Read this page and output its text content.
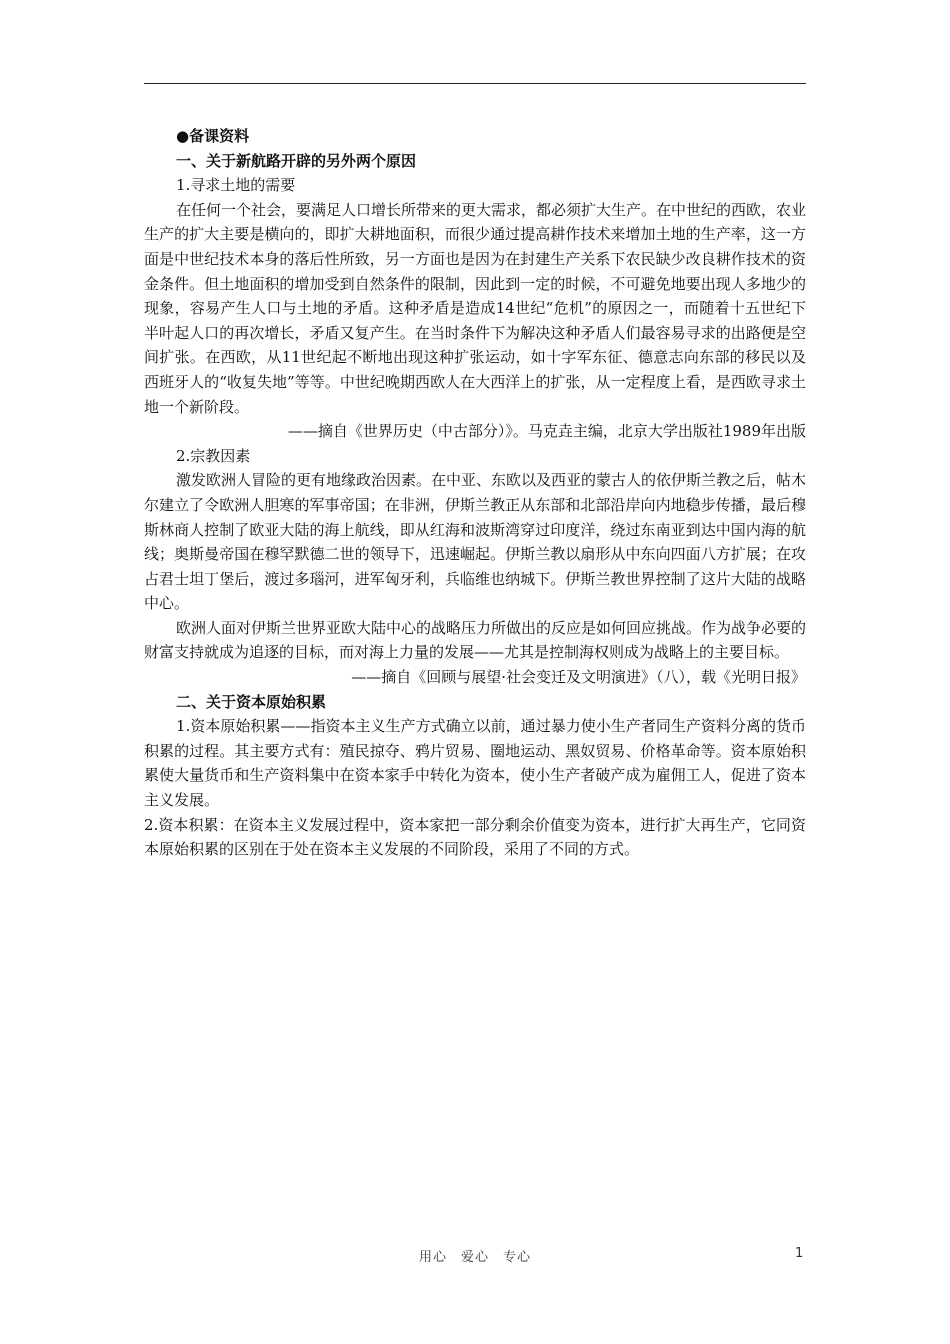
●备课资料

一、关于新航路开辟的另外两个原因

1.寻求土地的需要

在任何一个社会，要满足人口增长所带来的更大需求，都必须扩大生产。在中世纪的西欧，农业生产的扩大主要是横向的，即扩大耕地面积，而很少通过提高耕作技术来增加土地的生产率，这一方面是中世纪技术本身的落后性所致，另一方面也是因为在封建生产关系下农民缺少改良耕作技术的资金条件。但土地面积的增加受到自然条件的限制，因此到一定的时候，不可避免地要出现人多地少的现象，容易产生人口与土地的矛盾。这种矛盾是造成14世纪“危机”的原因之一，而随着十五世纪下半叶起人口的再次增长，矛盾又复产生。在当时条件下为解决这种矛盾人们最容易寻求的出路便是空间扩张。在西欧，从11世纪起不断地出现这种扩张运动，如十字军东征、德意志向东部的移民以及西班牙人的“收复失地”等等。中世纪晚期西欧人在大西洋上的扩张，从一定程度上看，是西欧寻求土地一个新阶段。

——摘自《世界历史（中古部分）》。马克垚主编，北京大学出版社1989年出版

2.宗教因素

激发欧洲人冒险的更有地缘政治因素。在中亚、东欧以及西亚的蒙古人的依伊斯兰教之后，帖木尔建立了令欧洲人胆寒的军事帝国；在非洲，伊斯兰教正从东部和北部沿岸向内地稳步传播，最后穆斯林商人控制了欧亚大陆的海上航线，即从红海和波斯湾穿过印度洋，绕过东南亚到达中国内海的航线；奥斯曼帝国在穆罕默德二世的领导下，迅速崛起。伊斯兰教以扇形从中东向四面八方扩展；在攻占君士坦丁堡后，渡过多瑙河，进军匈牙利，兵临维也纳城下。伊斯兰教世界控制了这片大陆的战略中心。

欧洲人面对伊斯兰世界亚欧大陆中心的战略压力所做出的反应是如何回应挑战。作为战争必要的财富支持就成为追逐的目标，而对海上力量的发展——尤其是控制海权则成为战略上的主要目标。

——摘自《回顾与展望·社会变迁及文明演进》（八），载《光明日报》

二、关于资本原始积累

1.资本原始积累——指资本主义生产方式确立以前，通过暴力使小生产者同生产资料分离的货币积累的过程。其主要方式有：殖民掠夺、鸦片贸易、圈地运动、黑奴贸易、价格革命等。资本原始积累使大量货币和生产资料集中在资本家手中转化为资本，使小生产者破产成为雇佣工人，促进了资本主义发展。

2.资本积累：在资本主义发展过程中，资本家把一部分剩余价值变为资本，进行扩大再生产，它同资本原始积累的区别在于处在资本主义发展的不同阶段，采用了不同的方式。

用心　爱心　专心	1
